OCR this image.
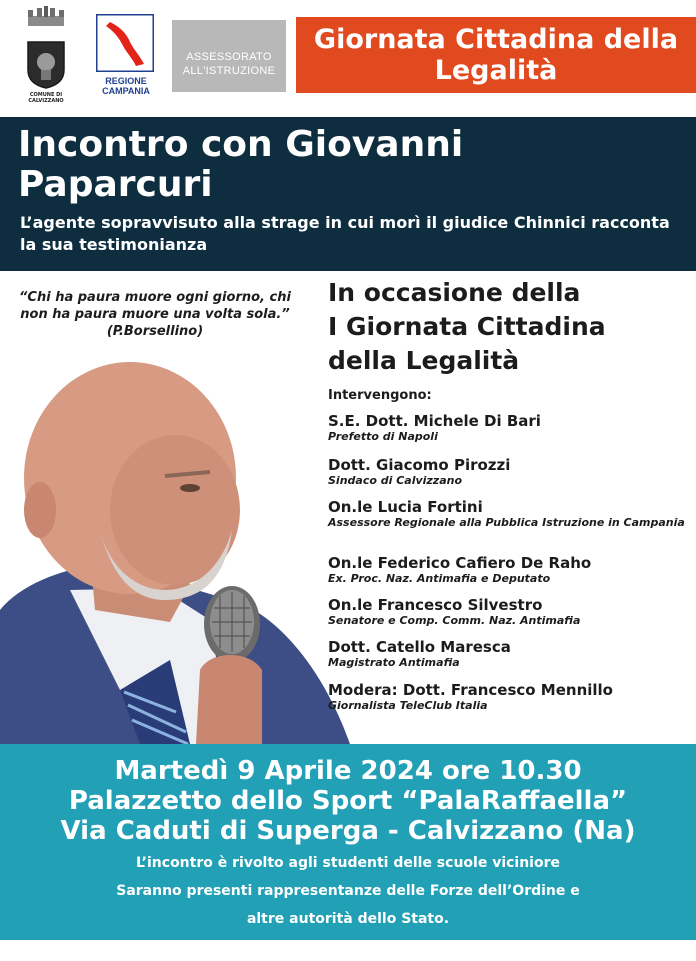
COMUNE DI
CALVIZZANO
REGIONE CAMPANIA
ASSESSORATO
ALL'ISTRUZIONE
Giornata Cittadina della Legalità
Incontro con Giovanni Paparcuri
L’agente sopravvisuto alla strage in cui morì il giudice Chinnici racconta la sua testimonianza
“Chi ha paura muore ogni giorno, chi non ha paura muore una volta sola.” (P.Borsellino)
In occasione della
I Giornata Cittadina
della Legalità
Intervengono:
S.E. Dott. Michele Di Bari
Prefetto di Napoli
Dott. Giacomo Pirozzi
Sindaco di Calvizzano
On.le Lucia Fortini
Assessore Regionale alla Pubblica Istruzione in Campania
On.le Federico Cafiero De Raho
Ex. Proc. Naz. Antimafia e Deputato
On.le Francesco Silvestro
Senatore e Comp. Comm. Naz. Antimafia
Dott. Catello Maresca
Magistrato Antimafia
Modera: Dott. Francesco Mennillo
Giornalista TeleClub Italia
Martedì 9 Aprile 2024 ore 10.30
Palazzetto dello Sport “PalaRaffaella”
Via Caduti di Superga - Calvizzano (Na)
L’incontro è rivolto agli studenti delle scuole viciniore
Saranno presenti rappresentanze delle Forze dell’Ordine e
altre autorità dello Stato.
